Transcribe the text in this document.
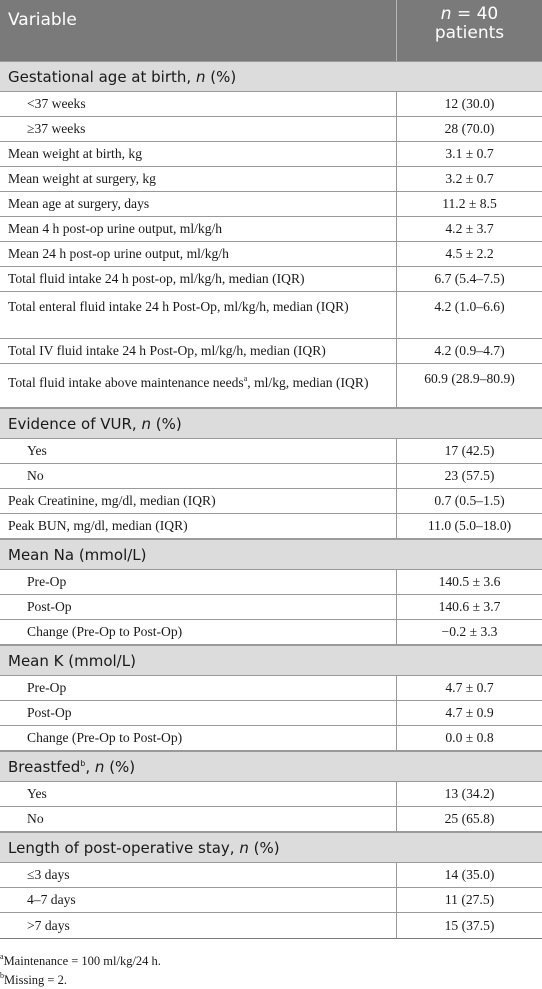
Variable	n = 40
patients
Gestational age at birth, n (%)
<37 weeks	12 (30.0)
≥37 weeks	28 (70.0)
Mean weight at birth, kg	3.1 ± 0.7
Mean weight at surgery, kg	3.2 ± 0.7
Mean age at surgery, days	11.2 ± 8.5
Mean 4 h post-op urine output, ml/kg/h	4.2 ± 3.7
Mean 24 h post-op urine output, ml/kg/h	4.5 ± 2.2
Total fluid intake 24 h post-op, ml/kg/h, median (IQR)	6.7 (5.4–7.5)
Total enteral fluid intake 24 h Post-Op, ml/kg/h, median (IQR)	4.2 (1.0–6.6)
Total IV fluid intake 24 h Post-Op, ml/kg/h, median (IQR)	4.2 (0.9–4.7)
Total fluid intake above maintenance needs$^a$, ml/kg, median (IQR)	60.9 (28.9–80.9)
Evidence of VUR, n (%)
Yes	17 (42.5)
No	23 (57.5)
Peak Creatinine, mg/dl, median (IQR)	0.7 (0.5–1.5)
Peak BUN, mg/dl, median (IQR)	11.0 (5.0–18.0)
Mean Na (mmol/L)
Pre-Op	140.5 ± 3.6
Post-Op	140.6 ± 3.7
Change (Pre-Op to Post-Op)	−0.2 ± 3.3
Mean K (mmol/L)
Pre-Op	4.7 ± 0.7
Post-Op	4.7 ± 0.9
Change (Pre-Op to Post-Op)	0.0 ± 0.8
Breastfed$^b$, n (%)
Yes	13 (34.2)
No	25 (65.8)
Length of post-operative stay, n (%)
≤3 days	14 (35.0)
4–7 days	11 (27.5)
>7 days	15 (37.5)
$^a$Maintenance = 100 ml/kg/24 h.
$^b$Missing = 2.
